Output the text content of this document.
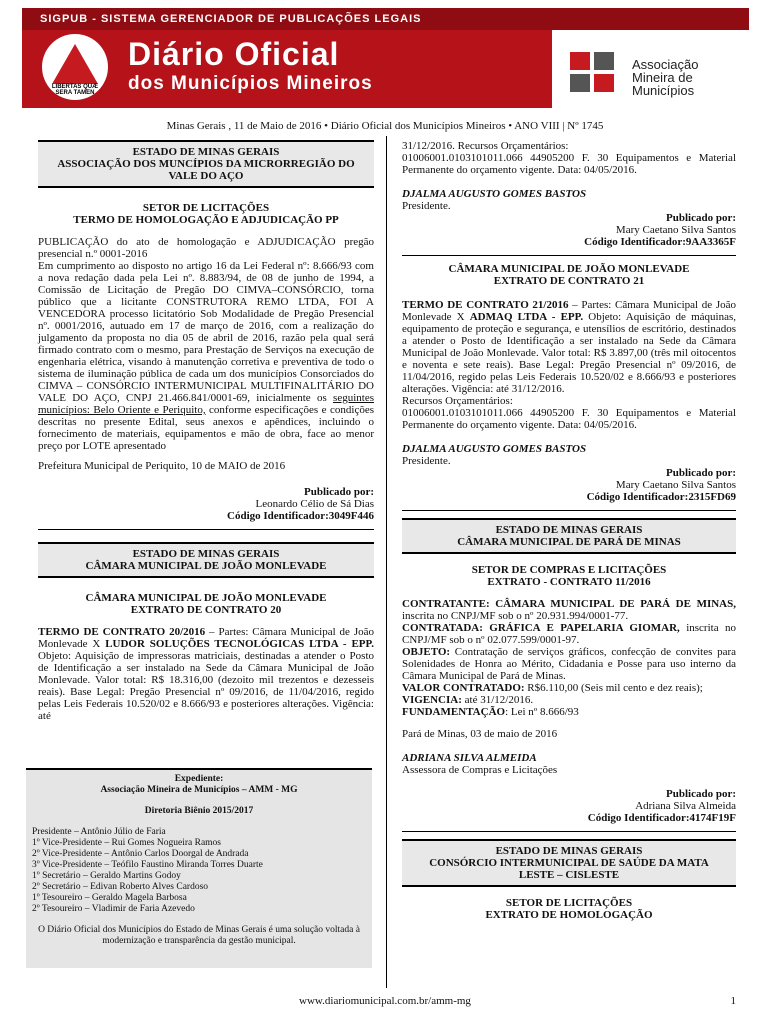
SIGPUB - SISTEMA GERENCIADOR DE PUBLICAÇÕES LEGAIS
LIBERTAS QUÆ SERA TAMEN
Diário Oficial
dos Municípios Mineiros
Associação
Mineira de
Municípios
Minas Gerais , 11 de Maio de 2016 • Diário Oficial dos Municípios Mineiros • ANO VIII | Nº 1745
ESTADO DE MINAS GERAIS
ASSOCIAÇÃO DOS MUNCÍPIOS DA MICRORREGIÃO DO
VALE DO AÇO
SETOR DE LICITAÇÕES
TERMO DE HOMOLOGAÇÃO E ADJUDICAÇÃO PP

PUBLICAÇÃO do ato de homologação e ADJUDICAÇÃO pregão presencial n.º 0001-2016

Em cumprimento ao disposto no artigo 16 da Lei Federal nº: 8.666/93 com a nova redação dada pela Lei nº. 8.883/94, de 08 de junho de 1994, a Comissão de Licitação de Pregão DO CIMVA–CONSÓRCIO, torna público que a licitante CONSTRUTORA REMO LTDA, FOI A VENCEDORA processo licitatório Sob Modalidade de Pregão Presencial nº. 0001/2016, autuado em 17 de março de 2016, com a realização do julgamento da proposta no dia 05 de abril de 2016, razão pela qual será firmado contrato com o mesmo, para Prestação de Serviços na execução de engenharia elétrica, visando à manutenção corretiva e preventiva de todo o sistema de iluminação pública de cada um dos municípios Consorciados do CIMVA – CONSÓRCIO INTERMUNICIPAL MULTIFINALITÁRIO DO VALE DO AÇO, CNPJ 21.466.841/0001-69, inicialmente os seguintes municípios: Belo Oriente e Periquito, conforme especificações e condições descritas no presente Edital, seus anexos e apêndices, incluindo o fornecimento de materiais, equipamentos e mão de obra, face ao menor preço por LOTE apresentado

Prefeitura Municipal de Periquito, 10 de MAIO de 2016

Publicado por:
Leonardo Célio de Sá Dias
Código Identificador:3049F446
ESTADO DE MINAS GERAIS
CÂMARA MUNICIPAL DE JOÃO MONLEVADE
CÂMARA MUNICIPAL DE JOÃO MONLEVADE
EXTRATO DE CONTRATO 20

TERMO DE CONTRATO 20/2016 – Partes: Câmara Municipal de João Monlevade X LUDOR SOLUÇÕES TECNOLÓGICAS LTDA - EPP. Objeto: Aquisição de impressoras matriciais, destinadas a atender o Posto de Identificação a ser instalado na Sede da Câmara Municipal de João Monlevade. Valor total: R$ 18.316,00 (dezoito mil trezentos e dezesseis reais). Base Legal: Pregão Presencial nº 09/2016, de 11/04/2016, regido pelas Leis Federais 10.520/02 e 8.666/93 e posteriores alterações. Vigência: até

Expediente:
Associação Mineira de Municípios – AMM - MG
Diretoria Biênio 2015/2017
Presidente – Antônio Júlio de Faria
1º Vice-Presidente – Rui Gomes Nogueira Ramos
2º Vice-Presidente – Antônio Carlos Doorgal de Andrada
3º Vice-Presidente – Teófilo Faustino Miranda Torres Duarte
1º Secretário – Geraldo Martins Godoy
2º Secretário – Edivan Roberto Alves Cardoso
1º Tesoureiro – Geraldo Magela Barbosa
2º Tesoureiro – Vladimir de Faria Azevedo
O Diário Oficial dos Municípios do Estado de Minas Gerais é uma solução voltada à modernização e transparência da gestão municipal.

31/12/2016. Recursos Orçamentários:

01006001.0103101011.066 44905200 F. 30 Equipamentos e Material Permanente do orçamento vigente. Data: 04/05/2016.

DJALMA AUGUSTO GOMES BASTOS
Presidente.
Publicado por:
Mary Caetano Silva Santos
Código Identificador:9AA3365F
CÂMARA MUNICIPAL DE JOÃO MONLEVADE
EXTRATO DE CONTRATO 21

TERMO DE CONTRATO 21/2016 – Partes: Câmara Municipal de João Monlevade X ADMAQ LTDA - EPP. Objeto: Aquisição de máquinas, equipamento de proteção e segurança, e utensílios de escritório, destinados a atender o Posto de Identificação a ser instalado na Sede da Câmara Municipal de João Monlevade. Valor total: R$ 3.897,00 (três mil oitocentos e noventa e sete reais). Base Legal: Pregão Presencial nº 09/2016, de 11/04/2016, regido pelas Leis Federais 10.520/02 e 8.666/93 e posteriores alterações. Vigência: até 31/12/2016.

Recursos Orçamentários:

01006001.0103101011.066 44905200 F. 30 Equipamentos e Material Permanente do orçamento vigente. Data: 04/05/2016.

DJALMA AUGUSTO GOMES BASTOS
Presidente.
Publicado por:
Mary Caetano Silva Santos
Código Identificador:2315FD69
ESTADO DE MINAS GERAIS
CÂMARA MUNICIPAL DE PARÁ DE MINAS
SETOR DE COMPRAS E LICITAÇÕES
EXTRATO - CONTRATO 11/2016
CONTRATANTE: CÂMARA MUNICIPAL DE PARÁ DE MINAS, inscrita no CNPJ/MF sob o nº 20.931.994/0001-77.
CONTRATADA: GRÁFICA E PAPELARIA GIOMAR, inscrita no CNPJ/MF sob o nº 02.077.599/0001-97.
OBJETO: Contratação de serviços gráficos, confecção de convites para Solenidades de Honra ao Mérito, Cidadania e Posse para uso interno da Câmara Municipal de Pará de Minas.
VALOR CONTRATADO: R$6.110,00 (Seis mil cento e dez reais);
VIGENCIA: até 31/12/2016.
FUNDAMENTAÇÃO: Lei nº 8.666/93

Pará de Minas, 03 de maio de 2016

ADRIANA SILVA ALMEIDA
Assessora de Compras e Licitações
Publicado por:
Adriana Silva Almeida
Código Identificador:4174F19F
ESTADO DE MINAS GERAIS
CONSÓRCIO INTERMUNICIPAL DE SAÚDE DA MATA
LESTE – CISLESTE
SETOR DE LICITAÇÕES
EXTRATO DE HOMOLOGAÇÃO
www.diariomunicipal.com.br/amm-mg	1
